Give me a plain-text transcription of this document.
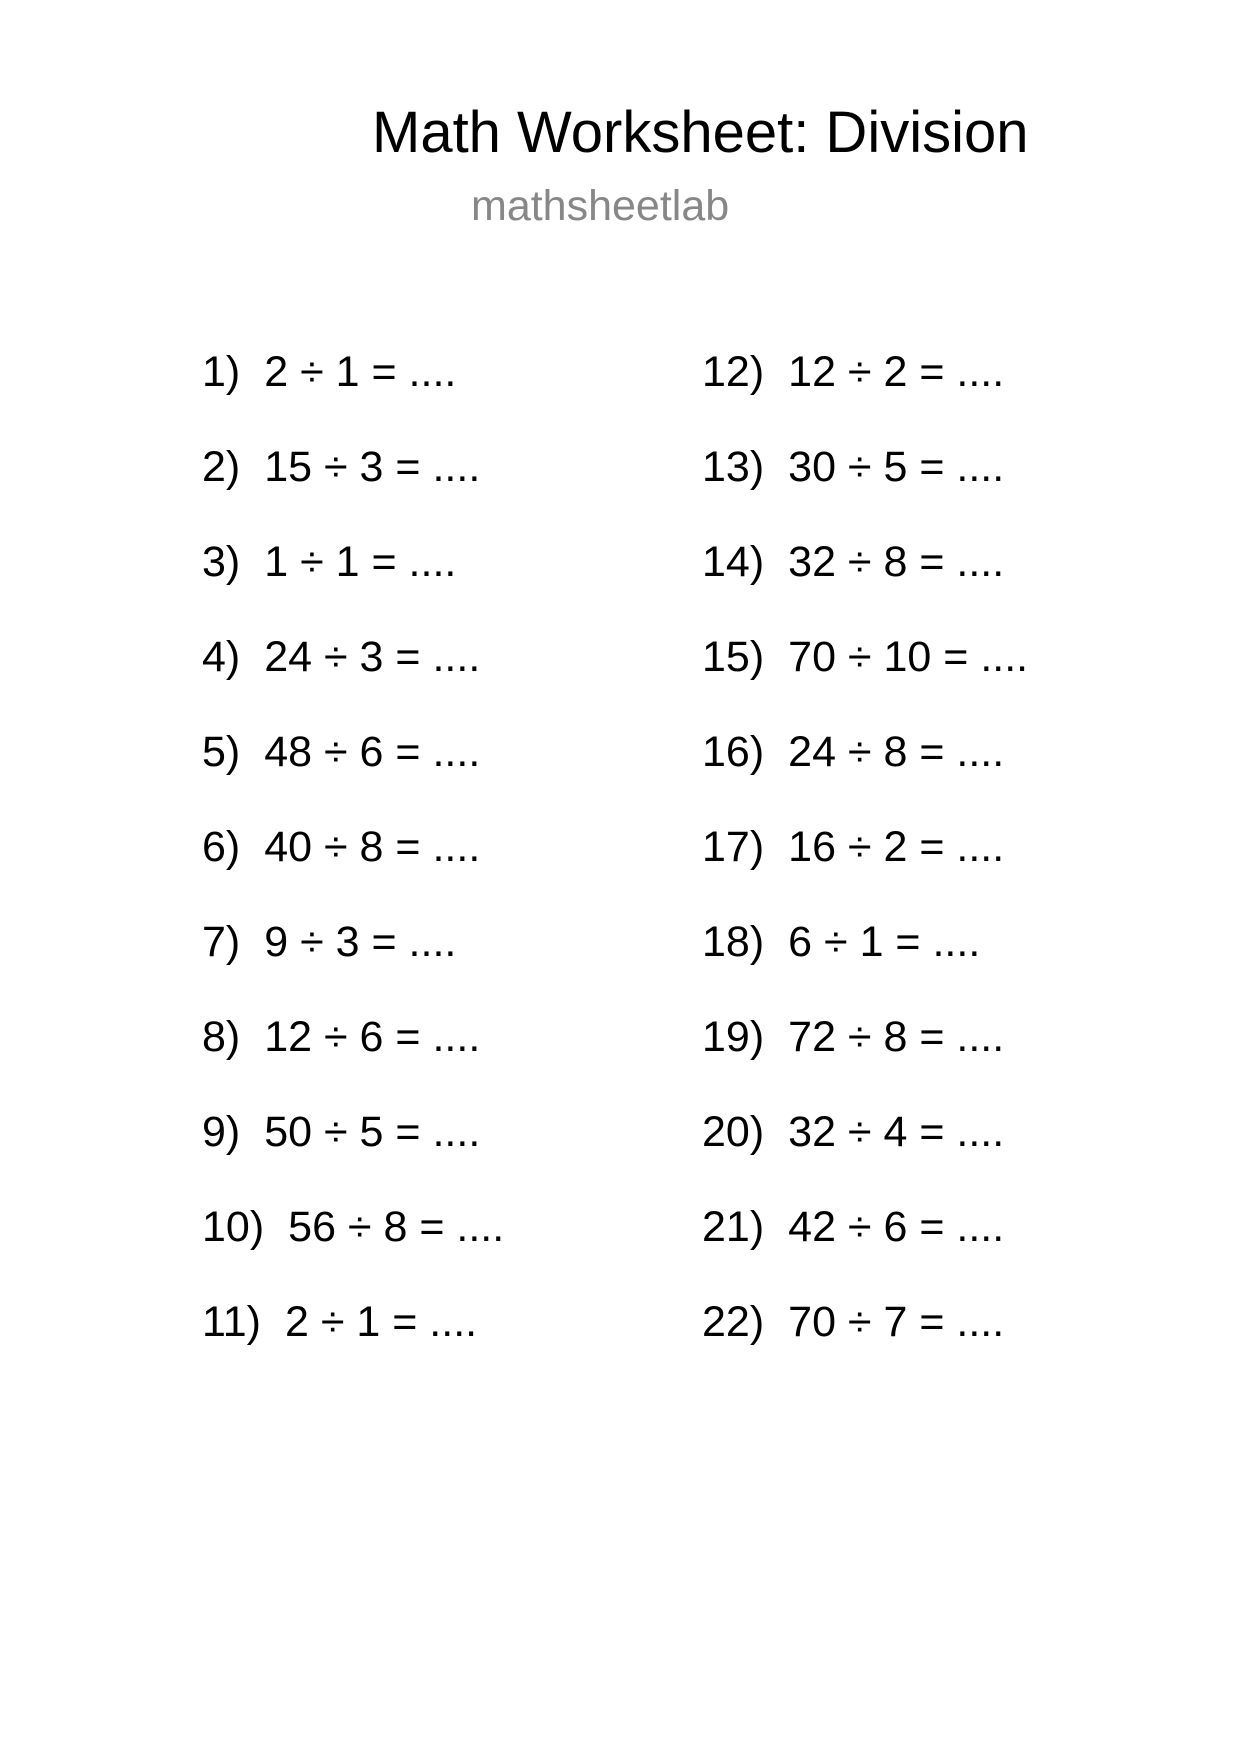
Math Worksheet: Division
mathsheetlab
1) 2 ÷ 1 = ....
2) 15 ÷ 3 = ....
3) 1 ÷ 1 = ....
4) 24 ÷ 3 = ....
5) 48 ÷ 6 = ....
6) 40 ÷ 8 = ....
7) 9 ÷ 3 = ....
8) 12 ÷ 6 = ....
9) 50 ÷ 5 = ....
10) 56 ÷ 8 = ....
11) 2 ÷ 1 = ....
12) 12 ÷ 2 = ....
13) 30 ÷ 5 = ....
14) 32 ÷ 8 = ....
15) 70 ÷ 10 = ....
16) 24 ÷ 8 = ....
17) 16 ÷ 2 = ....
18) 6 ÷ 1 = ....
19) 72 ÷ 8 = ....
20) 32 ÷ 4 = ....
21) 42 ÷ 6 = ....
22) 70 ÷ 7 = ....
